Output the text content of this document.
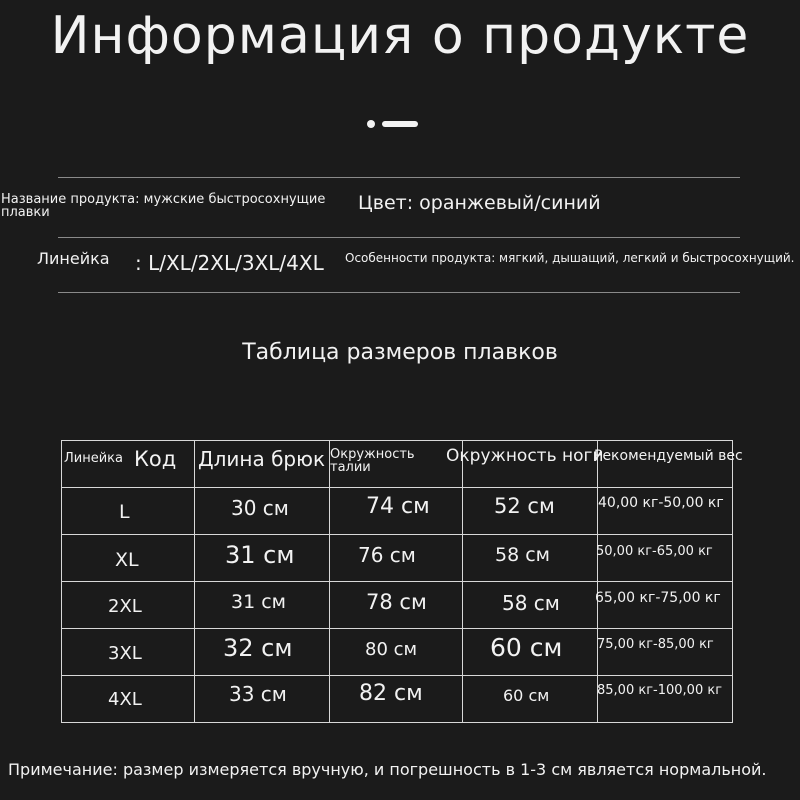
Информация о продукте
Название продукта: мужские быстросохнущие плавки	Цвет: оранжевый/синий
Линейка : L/XL/2XL/3XL/4XL Особенности продукта: мягкий, дышащий, легкий и быстросохнущий.
Таблица размеров плавков
Линейка Код	Длина брюк	Окружность талии	Окружность ноги	Рекомендуемый вес

L	30 см	74 см	52 см	40,00 кг-50,00 кг

XL	31 см	76 см	58 см	50,00 кг-65,00 кг

2XL	31 см	78 см	58 см	65,00 кг-75,00 кг

3XL	32 см	80 см	60 см	75,00 кг-85,00 кг

4XL	33 см	82 см	60 см	85,00 кг-100,00 кг
Примечание: размер измеряется вручную, и погрешность в 1-3 см является нормальной.
